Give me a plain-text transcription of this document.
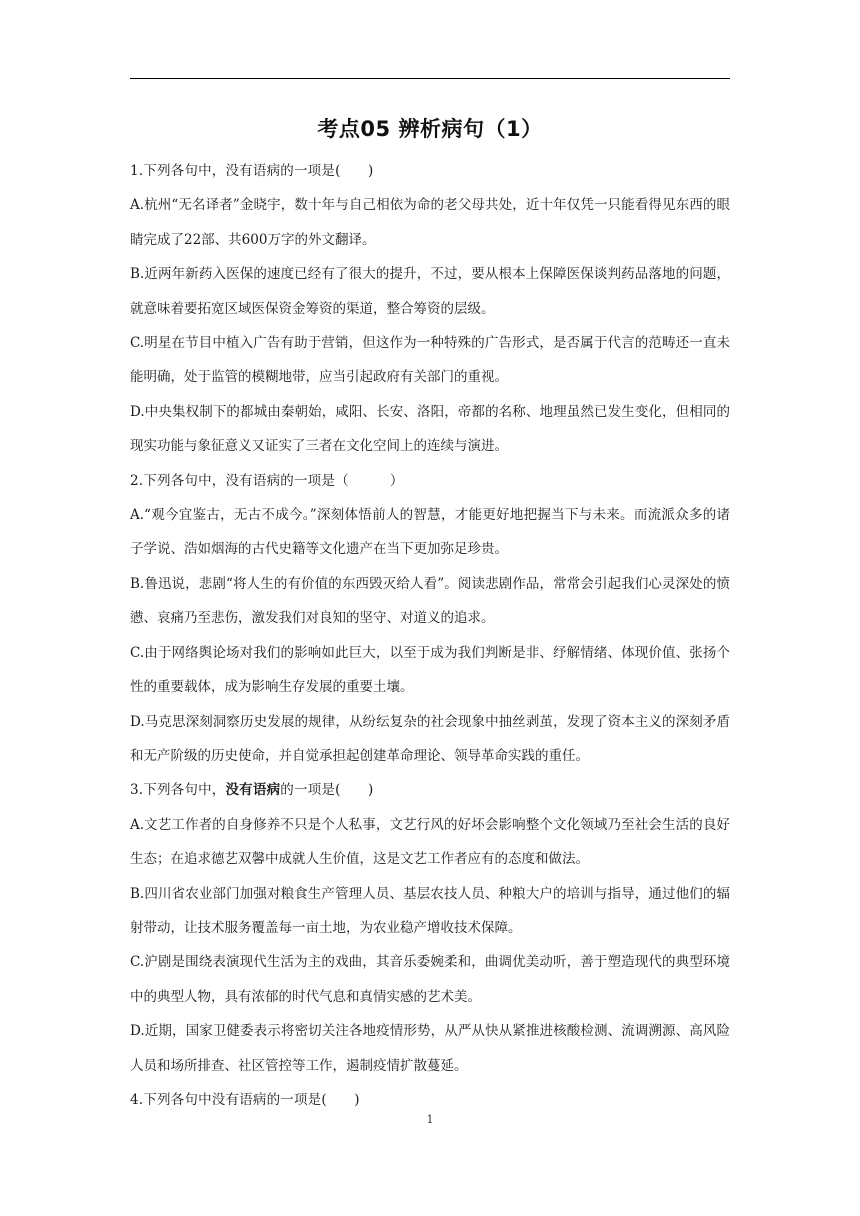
考点05 辨析病句（1）

1.下列各句中，没有语病的一项是(　　)

A.杭州“无名译者”金晓宇，数十年与自己相依为命的老父母共处，近十年仅凭一只能看得见东西的眼睛完成了22部、共600万字的外文翻译。

B.近两年新药入医保的速度已经有了很大的提升，不过，要从根本上保障医保谈判药品落地的问题，就意味着要拓宽区域医保资金筹资的渠道，整合筹资的层级。

C.明星在节目中植入广告有助于营销，但这作为一种特殊的广告形式，是否属于代言的范畴还一直未能明确，处于监管的模糊地带，应当引起政府有关部门的重视。

D.中央集权制下的都城由秦朝始，咸阳、长安、洛阳，帝都的名称、地理虽然已发生变化，但相同的现实功能与象征意义又证实了三者在文化空间上的连续与演进。

2.下列各句中，没有语病的一项是（　　　）

A.“观今宜鉴古，无古不成今。”深刻体悟前人的智慧，才能更好地把握当下与未来。而流派众多的诸子学说、浩如烟海的古代史籍等文化遗产在当下更加弥足珍贵。

B.鲁迅说，悲剧“将人生的有价值的东西毁灭给人看”。阅读悲剧作品，常常会引起我们心灵深处的愤懑、哀痛乃至悲伤，激发我们对良知的坚守、对道义的追求。

C.由于网络舆论场对我们的影响如此巨大，以至于成为我们判断是非、纾解情绪、体现价值、张扬个性的重要载体，成为影响生存发展的重要土壤。

D.马克思深刻洞察历史发展的规律，从纷纭复杂的社会现象中抽丝剥茧，发现了资本主义的深刻矛盾和无产阶级的历史使命，并自觉承担起创建革命理论、领导革命实践的重任。

3.下列各句中，没有语病的一项是(　　)

A.文艺工作者的自身修养不只是个人私事，文艺行风的好坏会影响整个文化领域乃至社会生活的良好生态；在追求德艺双馨中成就人生价值，这是文艺工作者应有的态度和做法。

B.四川省农业部门加强对粮食生产管理人员、基层农技人员、种粮大户的培训与指导，通过他们的辐射带动，让技术服务覆盖每一亩土地，为农业稳产增收技术保障。

C.沪剧是围绕表演现代生活为主的戏曲，其音乐委婉柔和，曲调优美动听，善于塑造现代的典型环境中的典型人物，具有浓郁的时代气息和真情实感的艺术美。

D.近期，国家卫健委表示将密切关注各地疫情形势，从严从快从紧推进核酸检测、流调溯源、高风险人员和场所排查、社区管控等工作，遏制疫情扩散蔓延。

4.下列各句中没有语病的一项是(　　)

1
